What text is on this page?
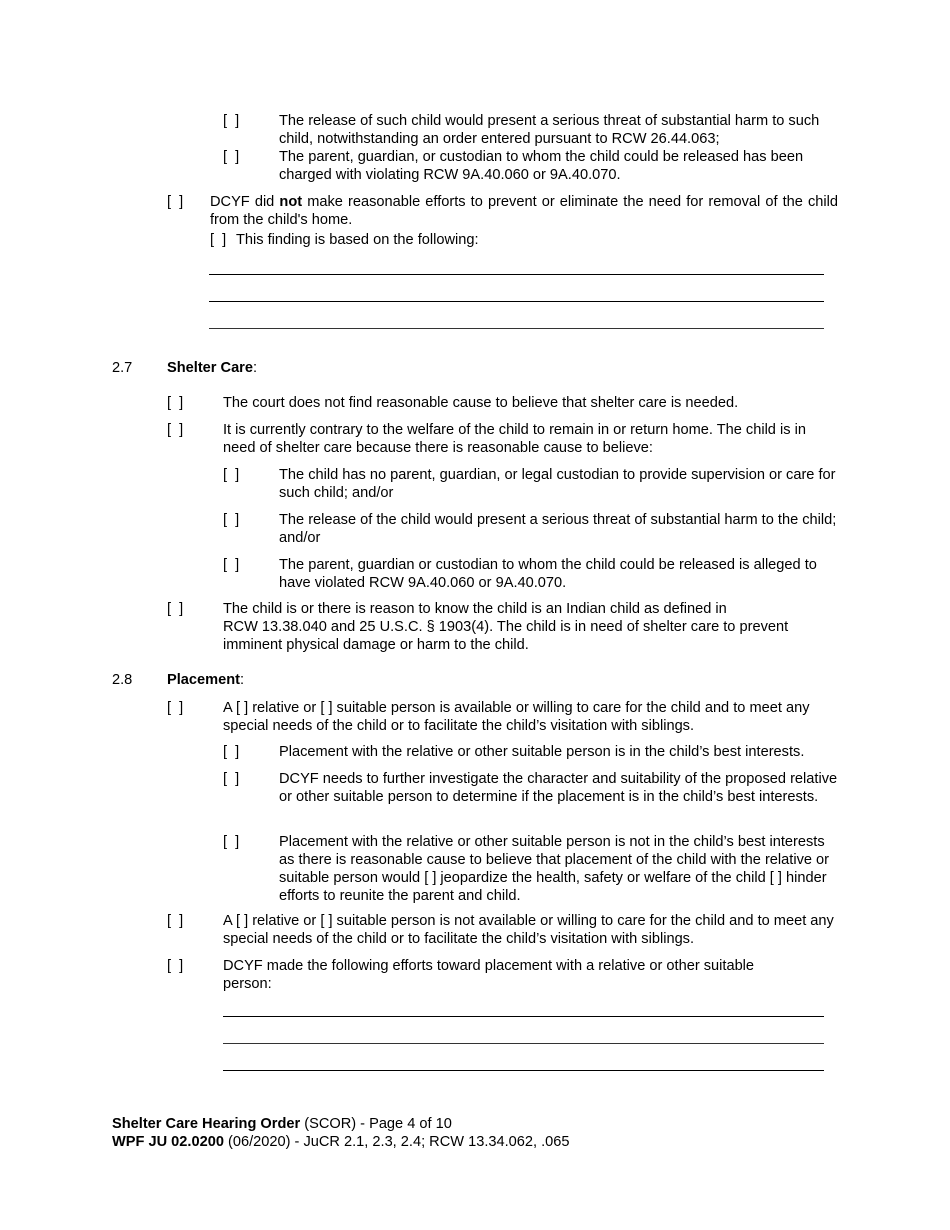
[  ]	The release of such child would present a serious threat of substantial harm to such child, notwithstanding an order entered pursuant to RCW 26.44.063;
[  ]	The parent, guardian, or custodian to whom the child could be released has been charged with violating RCW 9A.40.060 or 9A.40.070.
[  ] DCYF did not make reasonable efforts to prevent or eliminate the need for removal of the child from the child's home.
[  ] This finding is based on the following:
2.7 Shelter Care:
[  ]	The court does not find reasonable cause to believe that shelter care is needed.
[  ]	It is currently contrary to the welfare of the child to remain in or return home. The child is in need of shelter care because there is reasonable cause to believe:
[  ]	The child has no parent, guardian, or legal custodian to provide supervision or care for such child; and/or
[  ]	The release of the child would present a serious threat of substantial harm to the child; and/or
[  ]	The parent, guardian or custodian to whom the child could be released is alleged to have violated RCW 9A.40.060 or 9A.40.070.
[  ]	The child is or there is reason to know the child is an Indian child as defined in
RCW 13.38.040 and 25 U.S.C. § 1903(4). The child is in need of shelter care to prevent imminent physical damage or harm to the child.
2.8 Placement:
[  ]	A [ ] relative or [ ] suitable person is available or willing to care for the child and to meet any special needs of the child or to facilitate the child’s visitation with siblings.
[  ]	Placement with the relative or other suitable person is in the child’s best interests.
[  ]	DCYF needs to further investigate the character and suitability of the proposed relative or other suitable person to determine if the placement is in the child’s best interests.
[  ]	Placement with the relative or other suitable person is not in the child’s best interests as there is reasonable cause to believe that placement of the child with the relative or suitable person would [ ] jeopardize the health, safety or welfare of the child [ ] hinder efforts to reunite the parent and child.
[  ]	A [ ] relative or [ ] suitable person is not available or willing to care for the child and to meet any special needs of the child or to facilitate the child’s visitation with siblings.
[  ]	DCYF made the following efforts toward placement with a relative or other suitable person:
Shelter Care Hearing Order (SCOR) - Page 4 of 10
WPF JU 02.0200 (06/2020) - JuCR 2.1, 2.3, 2.4; RCW 13.34.062, .065
